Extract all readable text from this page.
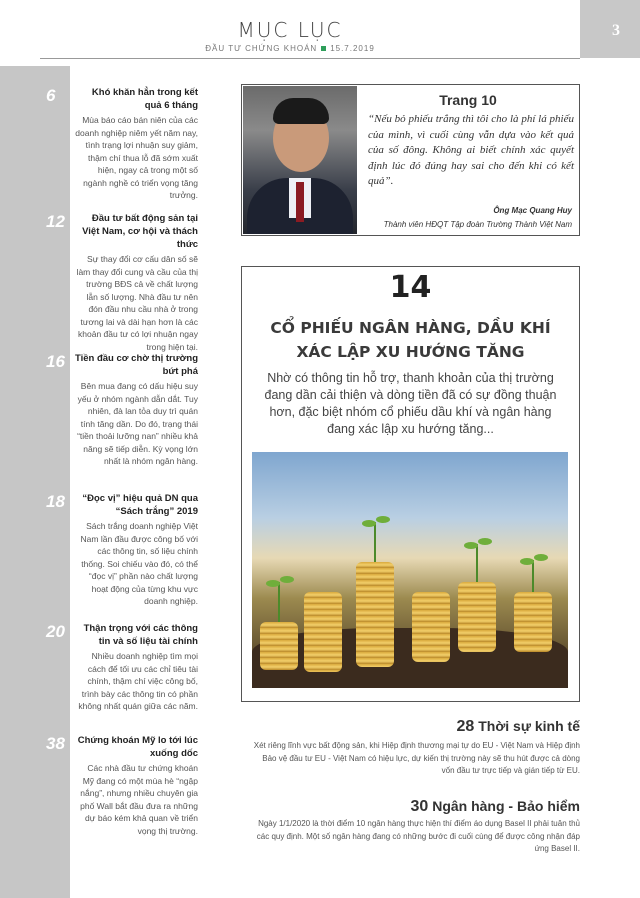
MỤC LỤC
ĐẦU TƯ CHỨNG KHOÁN 15.7.2019
3
6	Khó khăn hẳn trong kết quả 6 tháng
Mùa báo cáo bán niên của các doanh nghiệp niêm yết năm nay, tình trạng lợi nhuận suy giảm, thậm chí thua lỗ đã sớm xuất hiện, ngay cả trong một số ngành nghề có triển vọng tăng trưởng.
12	Đầu tư bất động sản tại Việt Nam, cơ hội và thách thức
Sự thay đổi cơ cấu dân số sẽ làm thay đổi cung và cầu của thị trường BĐS cả về chất lượng lẫn số lượng. Nhà đầu tư nên đón đầu nhu cầu nhà ở trong tương lai và dài hạn hơn là các khoản đầu tư có lợi nhuận ngay trong hiện tại.
16 Tiền đầu cơ chờ thị trường bứt phá
Bên mua đang có dấu hiệu suy yếu ở nhóm ngành dẫn dắt. Tuy nhiên, đà lan tỏa duy trì quán tính tăng dần. Do đó, trạng thái “tiền thoải lưỡng nan” nhiều khả năng sẽ tiếp diễn. Kỳ vọng lớn nhất là nhóm ngân hàng.
18	“Đọc vị” hiệu quả DN qua “Sách trắng” 2019
Sách trắng doanh nghiệp Việt Nam lần đầu được công bố với các thông tin, số liệu chính thống. Soi chiếu vào đó, có thể “đọc vị” phần nào chất lượng hoạt động của từng khu vực doanh nghiệp.
20	Thận trọng với các thông tin và số liệu tài chính
Nhiều doanh nghiệp tìm mọi cách để tối ưu các chỉ tiêu tài chính, thậm chí việc công bố, trình bày các thông tin có phần không nhất quán giữa các năm.
38	Chứng khoán Mỹ lo tới lúc xuống dốc
Các nhà đầu tư chứng khoán Mỹ đang có một mùa hè “ngập nắng”, nhưng nhiều chuyên gia phố Wall bắt đầu đưa ra những dự báo kém khả quan về triển vọng thị trường.
Trang 10
“Nếu bỏ phiếu trắng thì tôi cho là phí lá phiếu của mình, vì cuối cùng vẫn dựa vào kết quả của số đông. Không ai biết chính xác quyết định lúc đó đúng hay sai cho đến khi có kết quả”.
Ông Mạc Quang Huy
Thành viên HĐQT Tập đoàn Trường Thành Việt Nam
14
CỔ PHIẾU NGÂN HÀNG, DẦU KHÍ
XÁC LẬP XU HƯỚNG TĂNG
Nhờ có thông tin hỗ trợ, thanh khoản của thị trường đang dần cải thiện và dòng tiền đã có sự đồng thuận hơn, đặc biệt nhóm cổ phiếu dầu khí và ngân hàng đang xác lập xu hướng tăng...
28 Thời sự kinh tế
Xét riêng lĩnh vực bất động sản, khi Hiệp định thương mại tự do EU - Việt Nam và Hiệp định Bảo vệ đầu tư EU - Việt Nam có hiệu lực, dự kiến thị trường này sẽ thu hút được cả dòng vốn đầu tư trực tiếp và gián tiếp từ EU.
30 Ngân hàng - Bảo hiểm
Ngày 1/1/2020 là thời điểm 10 ngân hàng thực hiện thí điểm áo dụng Basel II phải tuân thủ các quy định. Một số ngân hàng đang có những bước đi cuối cùng để được công nhận đáp ứng Basel II.
